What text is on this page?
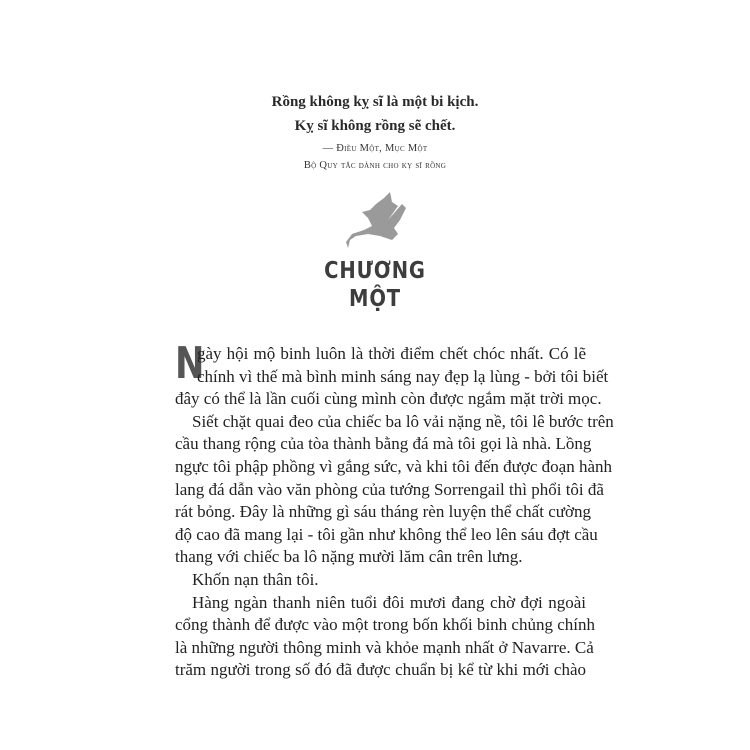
Rồng không kỵ sĩ là một bi kịch.
Kỵ sĩ không rồng sẽ chết.
— Điều Một, Mục Một
Bộ Quy tắc dành cho kỵ sĩ rồng
CHƯƠNG
MỘT
N
gày hội mộ binh luôn là thời điểm chết chóc nhất. Có lẽ
chính vì thế mà bình minh sáng nay đẹp lạ lùng - bởi tôi biết
đây có thể là lần cuối cùng mình còn được ngắm mặt trời mọc.
Siết chặt quai đeo của chiếc ba lô vải nặng nề, tôi lê bước trên
cầu thang rộng của tòa thành bằng đá mà tôi gọi là nhà. Lồng
ngực tôi phập phồng vì gắng sức, và khi tôi đến được đoạn hành
lang đá dẫn vào văn phòng của tướng Sorrengail thì phổi tôi đã
rát bỏng. Đây là những gì sáu tháng rèn luyện thể chất cường
độ cao đã mang lại - tôi gần như không thể leo lên sáu đợt cầu
thang với chiếc ba lô nặng mười lăm cân trên lưng.
Khốn nạn thân tôi.
Hàng ngàn thanh niên tuổi đôi mươi đang chờ đợi ngoài
cổng thành để được vào một trong bốn khối binh chủng chính
là những người thông minh và khỏe mạnh nhất ở Navarre. Cả
trăm người trong số đó đã được chuẩn bị kể từ khi mới chào
